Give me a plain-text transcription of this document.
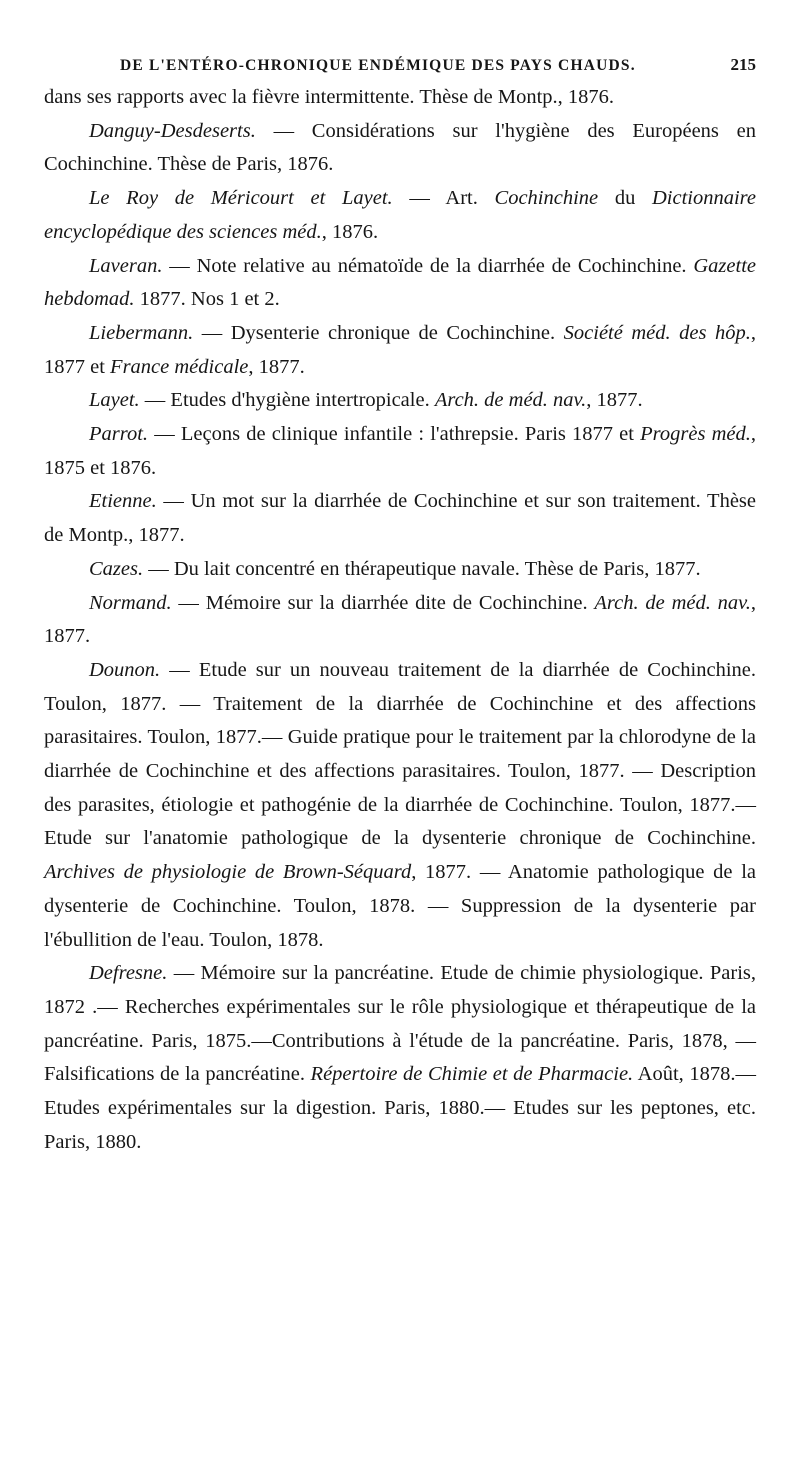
DE L'ENTÉRO-CHRONIQUE ENDÉMIQUE DES PAYS CHAUDS.	215

dans ses rapports avec la fièvre intermittente. Thèse de Montp., 1876.

Danguy-Desdeserts. — Considérations sur l'hygiène des Européens en Cochinchine. Thèse de Paris, 1876.

Le Roy de Méricourt et Layet. — Art. Cochinchine du Dictionnaire encyclopédique des sciences méd., 1876.

Laveran. — Note relative au nématoïde de la diarrhée de Cochinchine. Gazette hebdomad. 1877. Nos 1 et 2.

Liebermann. — Dysenterie chronique de Cochinchine. Société méd. des hôp., 1877 et France médicale, 1877.

Layet. — Etudes d'hygiène intertropicale. Arch. de méd. nav., 1877.

Parrot. — Leçons de clinique infantile : l'athrepsie. Paris 1877 et Progrès méd., 1875 et 1876.

Etienne. — Un mot sur la diarrhée de Cochinchine et sur son traitement. Thèse de Montp., 1877.

Cazes. — Du lait concentré en thérapeutique navale. Thèse de Paris, 1877.

Normand. — Mémoire sur la diarrhée dite de Cochinchine. Arch. de méd. nav., 1877.

Dounon. — Etude sur un nouveau traitement de la diarrhée de Cochinchine. Toulon, 1877. — Traitement de la diarrhée de Cochinchine et des affections parasitaires. Toulon, 1877.— Guide pratique pour le traitement par la chlorodyne de la diarrhée de Cochinchine et des affections parasitaires. Toulon, 1877. — Description des parasites, étiologie et pathogénie de la diarrhée de Cochinchine. Toulon, 1877.— Etude sur l'anatomie pathologique de la dysenterie chronique de Cochinchine. Archives de physiologie de Brown-Séquard, 1877. — Anatomie pathologique de la dysenterie de Cochinchine. Toulon, 1878. — Suppression de la dysenterie par l'ébullition de l'eau. Toulon, 1878.

Defresne. — Mémoire sur la pancréatine. Etude de chimie physiologique. Paris, 1872 .— Recherches expérimentales sur le rôle physiologique et thérapeutique de la pancréatine. Paris, 1875.—Contributions à l'étude de la pancréatine. Paris, 1878, — Falsifications de la pancréatine. Répertoire de Chimie et de Pharmacie. Août, 1878.— Etudes expérimentales sur la digestion. Paris, 1880.— Etudes sur les peptones, etc. Paris, 1880.
